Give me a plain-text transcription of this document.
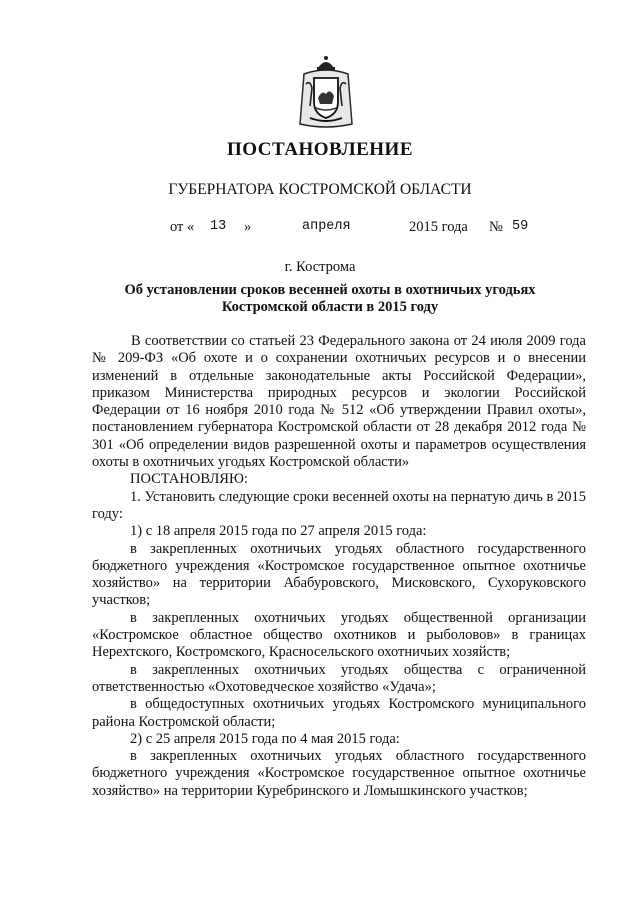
ПОСТАНОВЛЕНИЕ
ГУБЕРНАТОРА КОСТРОМСКОЙ ОБЛАСТИ
от « 13 »	апреля	2015 года № 59
г. Кострома
Об установлении сроков весенней охоты в охотничьих угодьях
Костромской области в 2015 году

В соответствии со статьей 23 Федерального закона от 24 июля 2009 года № 209-ФЗ «Об охоте и о сохранении охотничьих ресурсов и о внесении изменений в отдельные законодательные акты Российской Федерации», приказом Министерства природных ресурсов и экологии Российской Федерации от 16 ноября 2010 года № 512 «Об утверждении Правил охоты», постановлением губернатора Костромской области от 28 декабря 2012 года № 301 «Об определении видов разрешенной охоты и параметров осуществления охоты в охотничьих угодьях Костромской области»

ПОСТАНОВЛЯЮ:

1. Установить следующие сроки весенней охоты на пернатую дичь в 2015 году:

1) с 18 апреля 2015 года по 27 апреля 2015 года:

в закрепленных охотничьих угодьях областного государственного бюджетного учреждения «Костромское государственное опытное охотничье хозяйство» на территории Абабуровского, Мисковского, Сухоруковского участков;

в закрепленных охотничьих угодьях общественной организации «Костромское областное общество охотников и рыболовов» в границах Нерехтского, Костромского, Красносельского охотничьих хозяйств;

в закрепленных охотничьих угодьях общества с ограниченной ответственностью «Охотоведческое хозяйство «Удача»;

в общедоступных охотничьих угодьях Костромского муниципального района Костромской области;

2) с 25 апреля 2015 года по 4 мая 2015 года:

в закрепленных охотничьих угодьях областного государственного бюджетного учреждения «Костромское государственное опытное охотничье хозяйство» на территории Куребринского и Ломышкинского участков;
